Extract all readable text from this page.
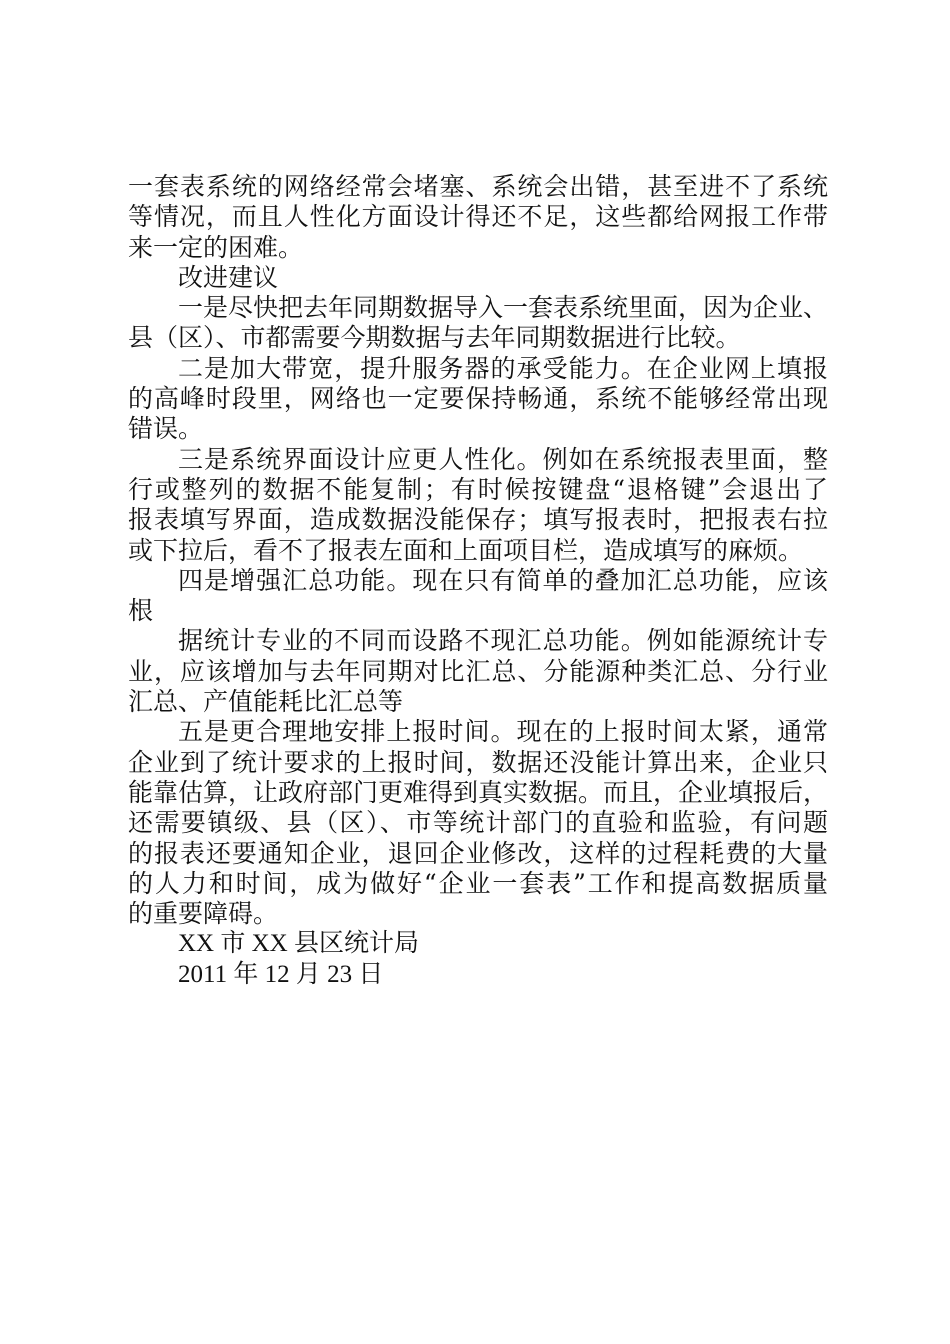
一套表系统的网络经常会堵塞、系统会出错，甚至进不了系统
等情况，而且人性化方面设计得还不足，这些都给网报工作带
来一定的困难。
改进建议
一是尽快把去年同期数据导入一套表系统里面，因为企业、
县（区）、市都需要今期数据与去年同期数据进行比较。
二是加大带宽，提升服务器的承受能力。在企业网上填报
的高峰时段里，网络也一定要保持畅通，系统不能够经常出现
错误。
三是系统界面设计应更人性化。例如在系统报表里面，整
行或整列的数据不能复制；有时候按键盘“退格键”会退出了
报表填写界面，造成数据没能保存；填写报表时，把报表右拉
或下拉后，看不了报表左面和上面项目栏，造成填写的麻烦。
四是增强汇总功能。现在只有简单的叠加汇总功能，应该
根
据统计专业的不同而设路不现汇总功能。例如能源统计专
业，应该增加与去年同期对比汇总、分能源种类汇总、分行业
汇总、产值能耗比汇总等
五是更合理地安排上报时间。现在的上报时间太紧，通常
企业到了统计要求的上报时间，数据还没能计算出来，企业只
能靠估算，让政府部门更难得到真实数据。而且，企业填报后，
还需要镇级、县（区）、市等统计部门的直验和监验，有问题
的报表还要通知企业，退回企业修改，这样的过程耗费的大量
的人力和时间，成为做好“企业一套表”工作和提高数据质量
的重要障碍。
XX 市 XX 县区统计局
2011 年 12 月 23 日
